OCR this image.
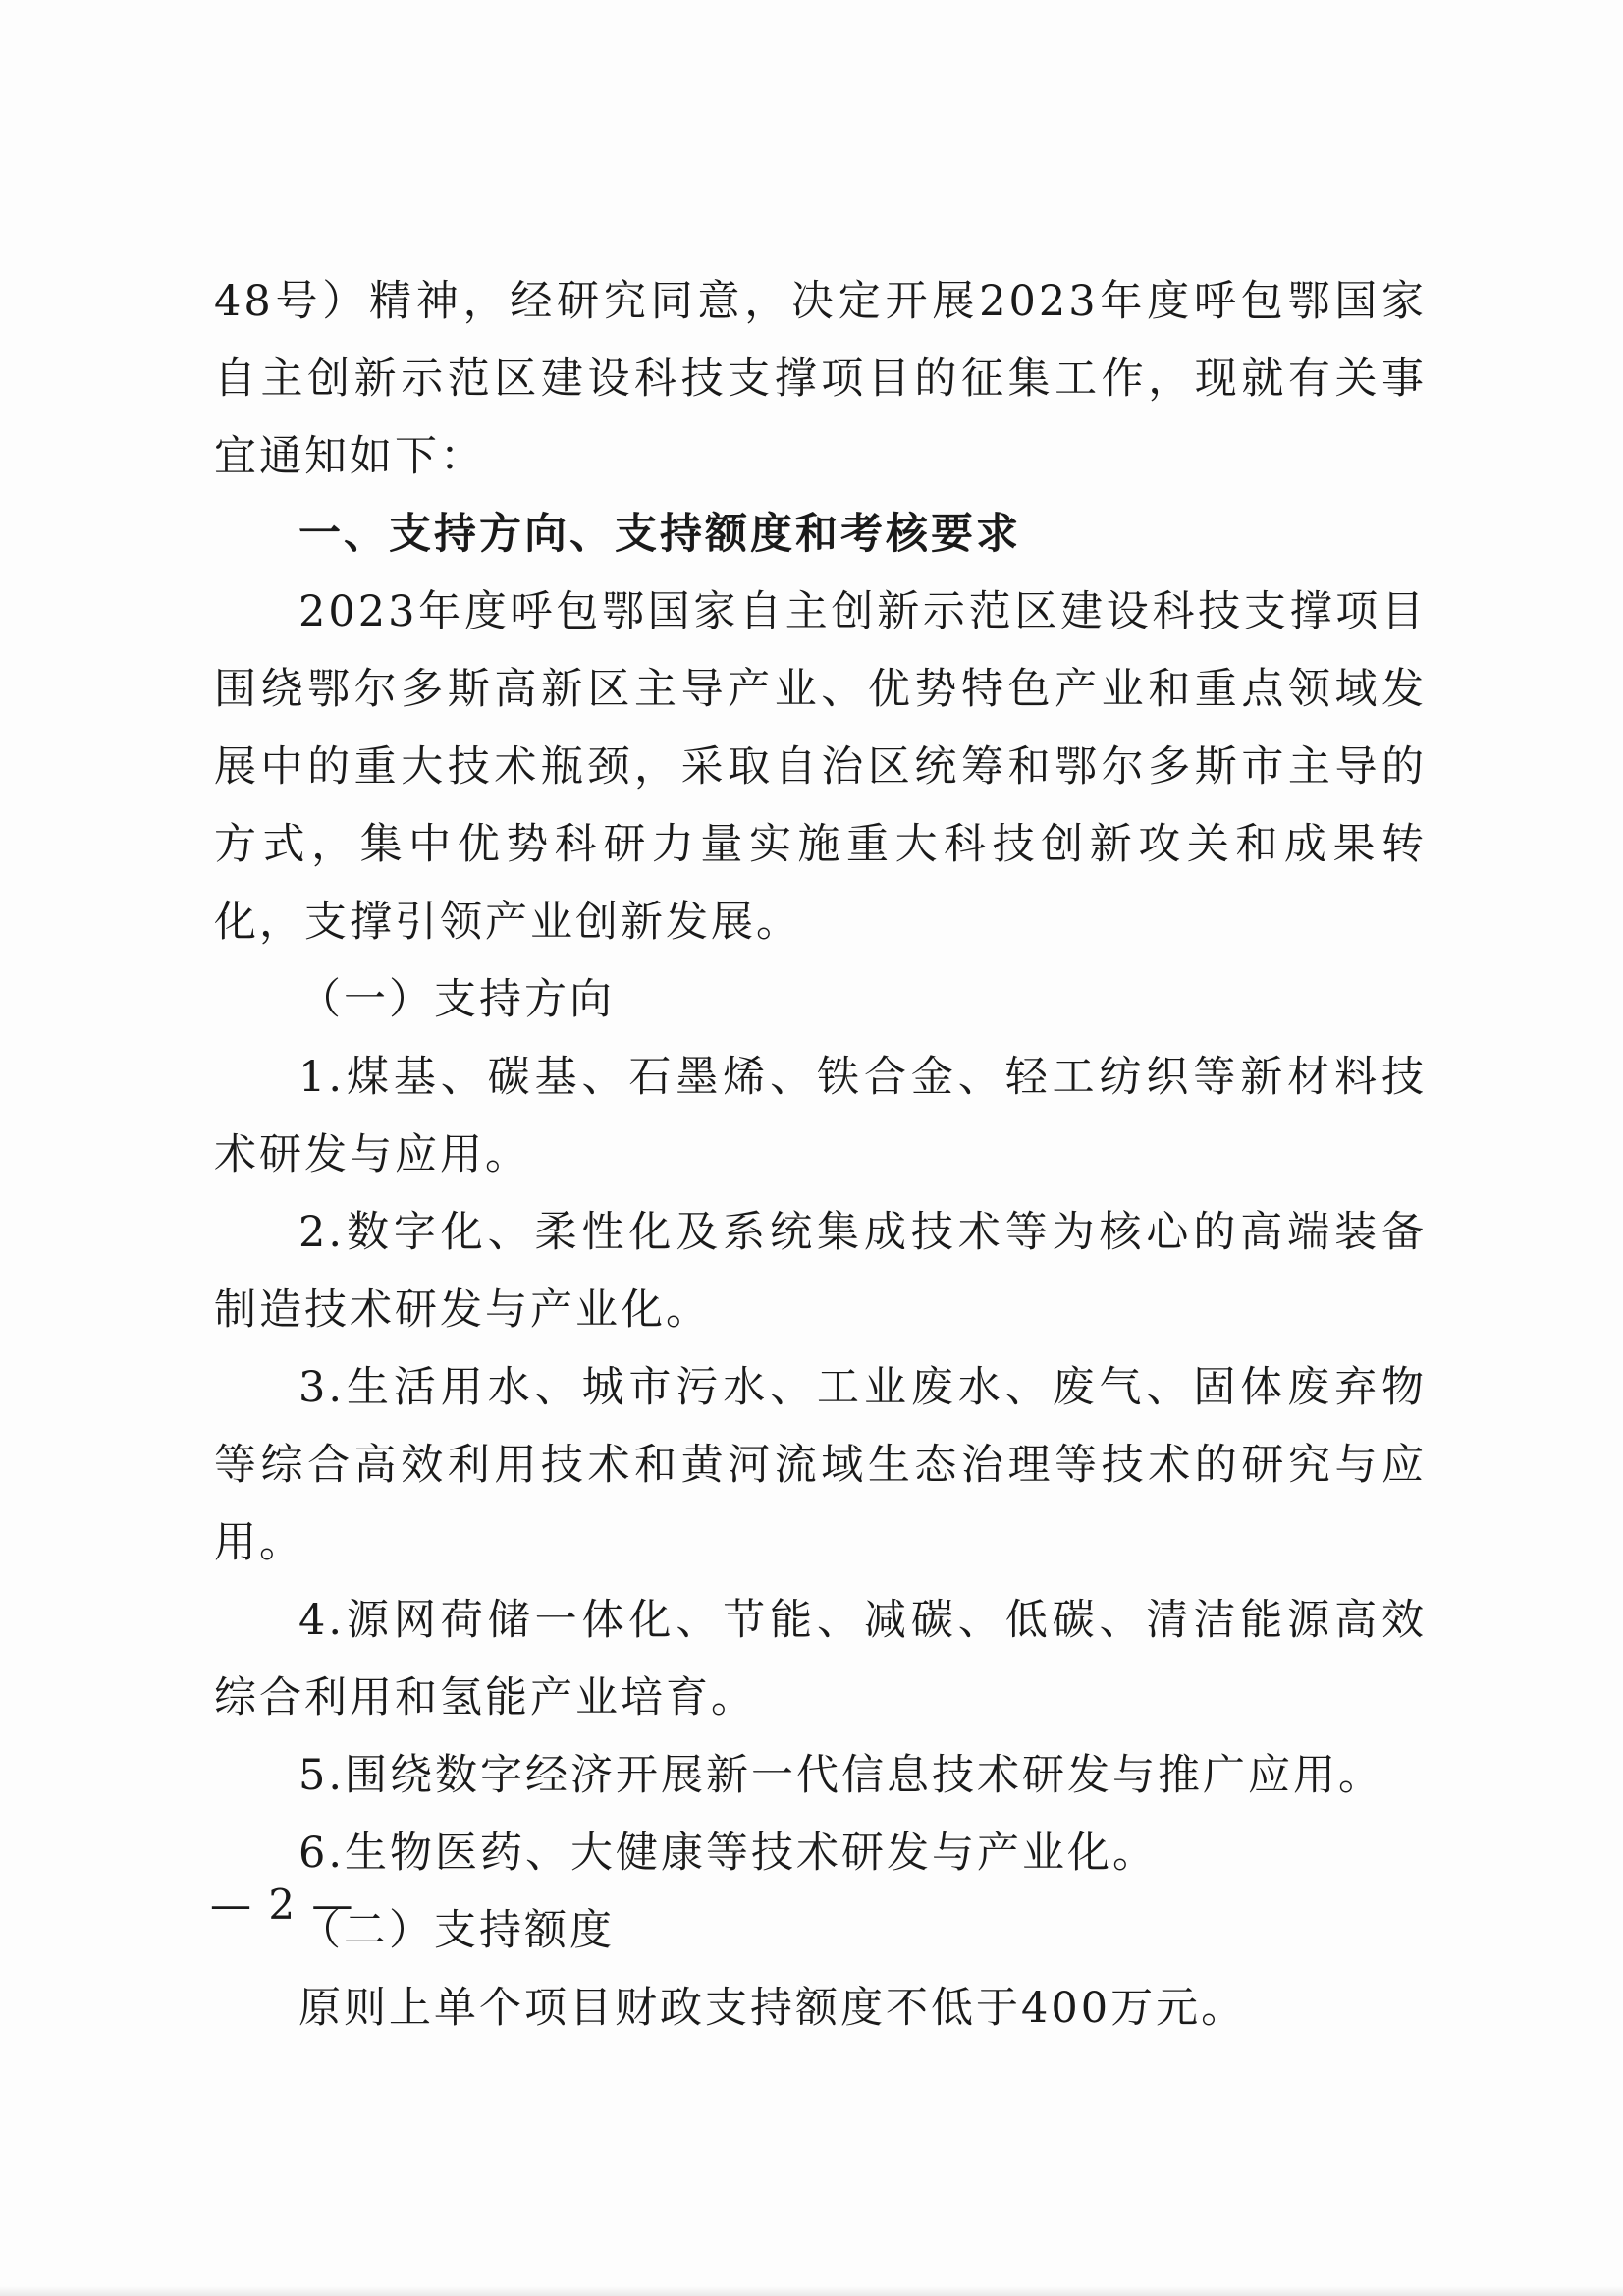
48号）精神，经研究同意，决定开展2023年度呼包鄂国家自主创新示范区建设科技支撑项目的征集工作，现就有关事宜通知如下：

一、支持方向、支持额度和考核要求

2023年度呼包鄂国家自主创新示范区建设科技支撑项目围绕鄂尔多斯高新区主导产业、优势特色产业和重点领域发展中的重大技术瓶颈，采取自治区统筹和鄂尔多斯市主导的方式，集中优势科研力量实施重大科技创新攻关和成果转化，支撑引领产业创新发展。

（一）支持方向

1.煤基、碳基、石墨烯、铁合金、轻工纺织等新材料技术研发与应用。

2.数字化、柔性化及系统集成技术等为核心的高端装备制造技术研发与产业化。

3.生活用水、城市污水、工业废水、废气、固体废弃物等综合高效利用技术和黄河流域生态治理等技术的研究与应用。

4.源网荷储一体化、节能、减碳、低碳、清洁能源高效综合利用和氢能产业培育。

5.围绕数字经济开展新一代信息技术研发与推广应用。

6.生物医药、大健康等技术研发与产业化。

（二）支持额度

原则上单个项目财政支持额度不低于400万元。

— 2 —
